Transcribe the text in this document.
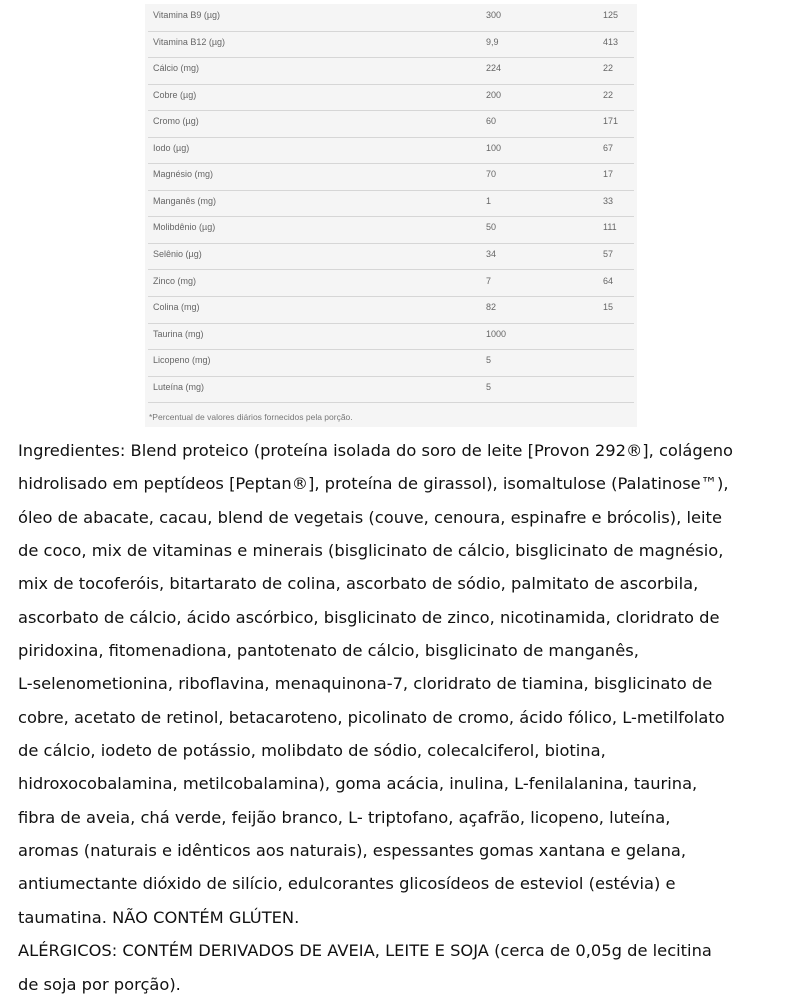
Vitamina B9 (µg)	300	125
Vitamina B12 (µg)	9,9	413
Cálcio (mg)	224	22
Cobre (µg)	200	22
Cromo (µg)	60	171
Iodo (µg)	100	67
Magnésio (mg)	70	17
Manganês (mg)	1	33
Molibdênio (µg)	50	111
Selênio (µg)	34	57
Zinco (mg)	7	64
Colina (mg)	82	15
Taurina (mg)	1000
Licopeno (mg)	5
Luteína (mg)	5
*Percentual de valores diários fornecidos pela porção.
Ingredientes: Blend proteico (proteína isolada do soro de leite [Provon 292®], colágeno
hidrolisado em peptídeos [Peptan®], proteína de girassol), isomaltulose (Palatinose™),
óleo de abacate, cacau, blend de vegetais (couve, cenoura, espinafre e brócolis), leite
de coco, mix de vitaminas e minerais (bisglicinato de cálcio, bisglicinato de magnésio,
mix de tocoferóis, bitartarato de colina, ascorbato de sódio, palmitato de ascorbila,
ascorbato de cálcio, ácido ascórbico, bisglicinato de zinco, nicotinamida, cloridrato de
piridoxina, fitomenadiona, pantotenato de cálcio, bisglicinato de manganês,
L-selenometionina, riboflavina, menaquinona-7, cloridrato de tiamina, bisglicinato de
cobre, acetato de retinol, betacaroteno, picolinato de cromo, ácido fólico, L-metilfolato
de cálcio, iodeto de potássio, molibdato de sódio, colecalciferol, biotina,
hidroxocobalamina, metilcobalamina), goma acácia, inulina, L-fenilalanina, taurina,
fibra de aveia, chá verde, feijão branco, L- triptofano, açafrão, licopeno, luteína,
aromas (naturais e idênticos aos naturais), espessantes gomas xantana e gelana,
antiumectante dióxido de silício, edulcorantes glicosídeos de esteviol (estévia) e
taumatina. NÃO CONTÉM GLÚTEN.
ALÉRGICOS: CONTÉM DERIVADOS DE AVEIA, LEITE E SOJA (cerca de 0,05g de lecitina
de soja por porção).
